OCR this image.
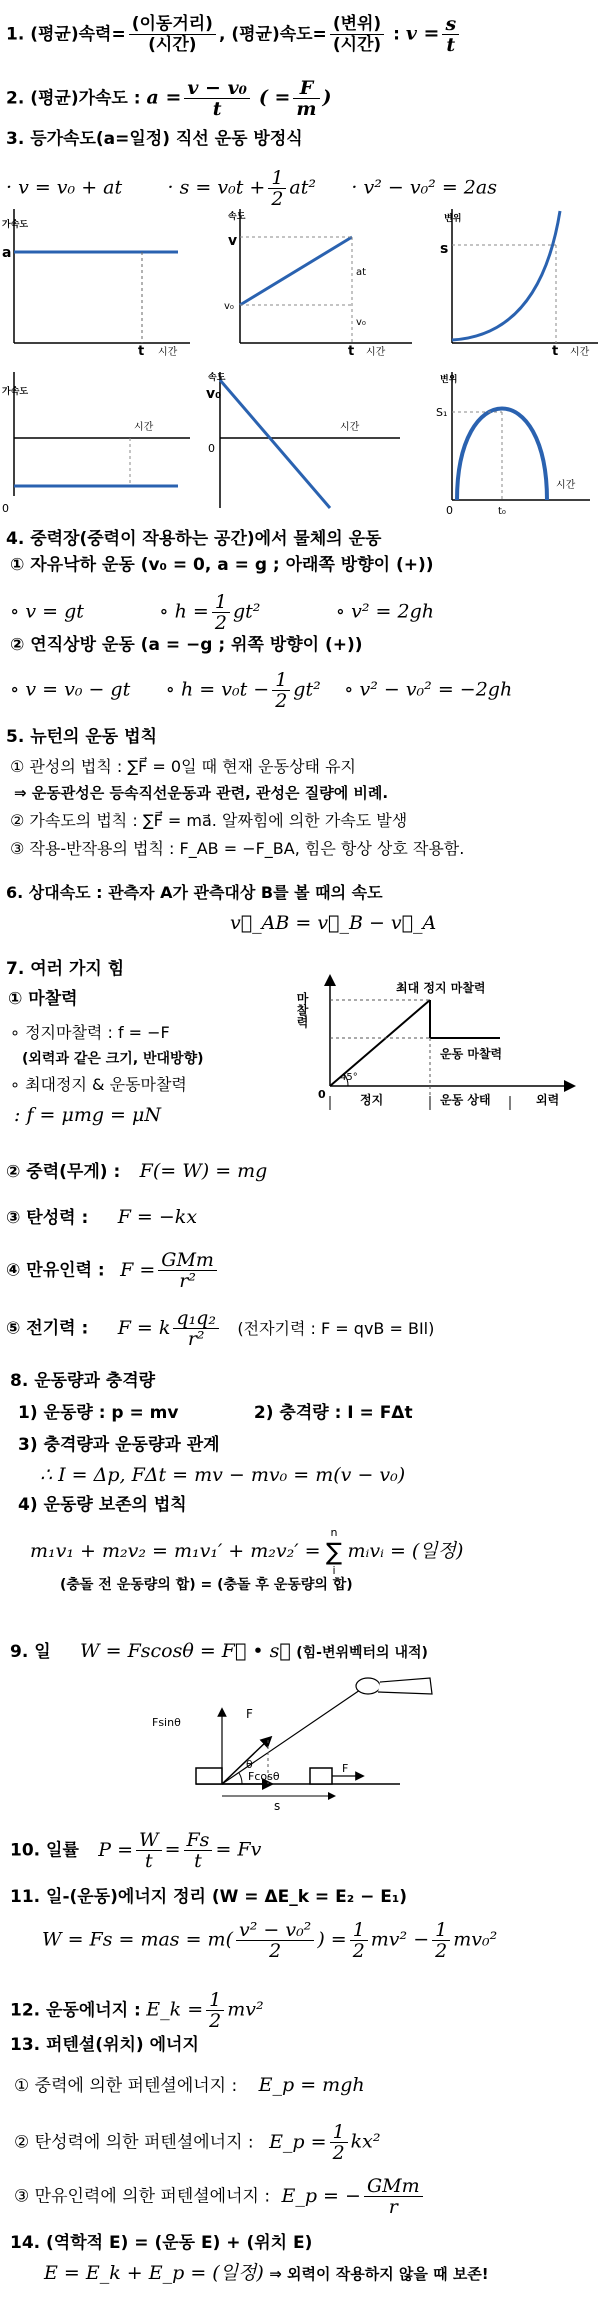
1. (평균)속력= $\frac{\text{(이동거리)}}{\text{(시간)}}$ , (평균)속도= $\frac{\text{(변위)}}{\text{(시간)}}$ : $v = \frac{s}{t}$
2. (평균)가속도 : $a = \frac{\text{v − v₀}}{t}$ ( = $\frac{F}{m}$ )
3. 등가속도(a=일정) 직선 운동 방정식
· v = v₀ + at · $s = v_0t + \frac{1}{2} at^2 \cdot v^2 - v_0^2 = 2as$
가속도
a
t 시간
속도
v
v₀
at
v₀
t 시간
변위
s
t 시간
가속도
0
시간
속도
v₀
0
시간
변위
S₁
0	t₀
시간
4. 중력장(중력이 작용하는 공간)에서 물체의 운동
① 자유낙하 운동 (v₀ = 0, a = g ; 아래쪽 방향이 (+))
∘ v = gt	∘ $h = \frac{1}{2} gt^2$	∘ v² = 2gh
② 연직상방 운동 (a = −g ; 위쪽 방향이 (+))
∘ v = v₀ − gt ∘ $h = v_0t - \frac{1}{2} gt^2$ ∘ v² − v₀² = −2gh
5. 뉴턴의 운동 법칙
① 관성의 법칙 : ∑F⃗ = 0일 때 현재 운동상태 유지
⇒ 운동관성은 등속직선운동과 관련, 관성은 질량에 비례.
② 가속도의 법칙 : ∑F⃗ = ma⃗. 알짜힘에 의한 가속도 발생
③ 작용-반작용의 법칙 : F_AB = −F_BA, 힘은 항상 상호 작용함.
6. 상대속도 : 관측자 A가 관측대상 B를 볼 때의 속도
v⃗_AB = v⃗_B − v⃗_A
7. 여러 가지 힘
① 마찰력
∘ 정지마찰력 : f = −F
(외력과 같은 크기, 반대방향)
∘ 최대정지 & 운동마찰력
: f = μmg = μN
마찰력
최대 정지 마찰력
운동 마찰력
45°
0	정지	운동 상태	외력
② 중력(무게) : F(= W) = mg
③ 탄성력 : F = −kx
④ 만유인력 : $F = \frac{\text{GMm}}{\text{r²}}$
⑤ 전기력 : F = k $\frac{\text{q₁q₂}}{\text{r²}}$ (전자기력 : F = qvB = BIl)
8. 운동량과 충격량
1) 운동량 : p = mv	2) 충격량 : I = FΔt
3) 충격량과 운동량과 관계
∴ I = Δp, FΔt = mv − mv₀ = m(v − v₀)
4) 운동량 보존의 법칙
m₁v₁ + m₂v₂ = m₁v₁′ + m₂v₂′ =
n
∑
i
mᵢvᵢ = (일정)
(충돌 전 운동량의 합) = (충돌 후 운동량의 합)
9. 일 W = Fscosθ = F⃗ • s⃗ (힘-변위벡터의 내적)
Fsinθ
F
θ
Fcosθ
F
s
10. 일률 $P = \frac{W}{t} = \frac{Fs}{t} = Fv$
11. 일-(운동)에너지 정리 (W = ΔE_k = E₂ − E₁)
W = Fs = mas = $m( \frac{\text{v² − v₀²}}{2}$ ) = $\frac{1}{2} mv^2 - \frac{1}{2} mv_0^2$
12. 운동에너지 : E_k = $\frac{1}{2} mv^2$
13. 퍼텐셜(위치) 에너지
① 중력에 의한 퍼텐셜에너지 : E_p = mgh
② 탄성력에 의한 퍼텐셜에너지 : E_p = $\frac{1}{2} kx^2$
③ 만유인력에 의한 퍼텐셜에너지 : E_p = − $\frac{\text{GMm}}{r}$
14. (역학적 E) = (운동 E) + (위치 E)
E = E_k + E_p = (일정) ⇒ 외력이 작용하지 않을 때 보존!
